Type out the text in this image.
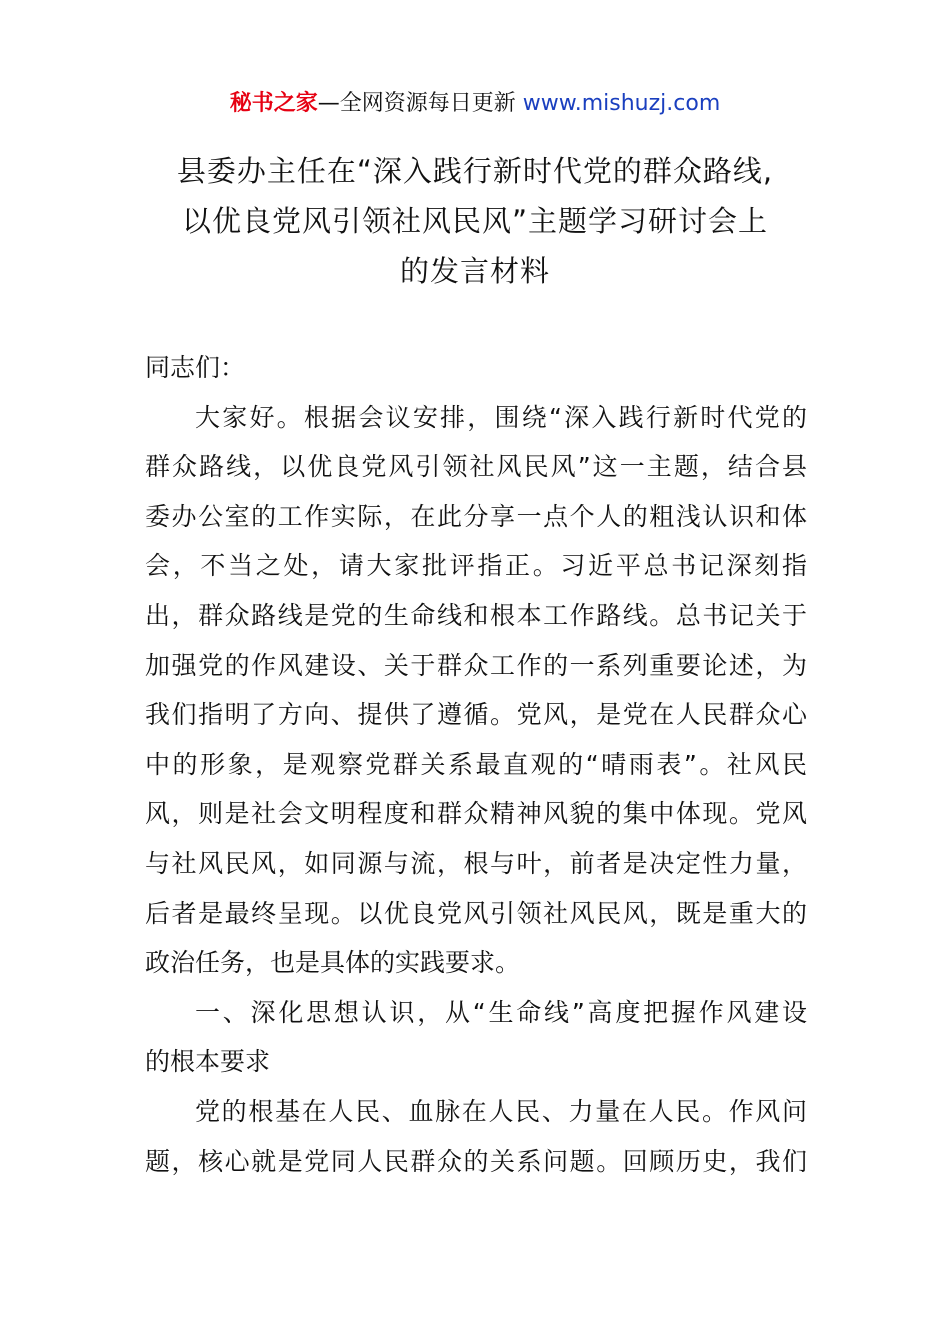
秘书之家—全网资源每日更新 www.mishuzj.com
县委办主任在“深入践行新时代党的群众路线,
以优良党风引领社风民风”主题学习研讨会上
的发言材料
同志们：
大家好。根据会议安排，围绕“深入践行新时代党的
群众路线，以优良党风引领社风民风”这一主题，结合县
委办公室的工作实际，在此分享一点个人的粗浅认识和体
会，不当之处，请大家批评指正。习近平总书记深刻指
出，群众路线是党的生命线和根本工作路线。总书记关于
加强党的作风建设、关于群众工作的一系列重要论述，为
我们指明了方向、提供了遵循。党风，是党在人民群众心
中的形象，是观察党群关系最直观的“晴雨表”。社风民
风，则是社会文明程度和群众精神风貌的集中体现。党风
与社风民风，如同源与流，根与叶，前者是决定性力量，
后者是最终呈现。以优良党风引领社风民风，既是重大的
政治任务，也是具体的实践要求。
一、深化思想认识，从“生命线”高度把握作风建设
的根本要求
党的根基在人民、血脉在人民、力量在人民。作风问
题，核心就是党同人民群众的关系问题。回顾历史，我们
